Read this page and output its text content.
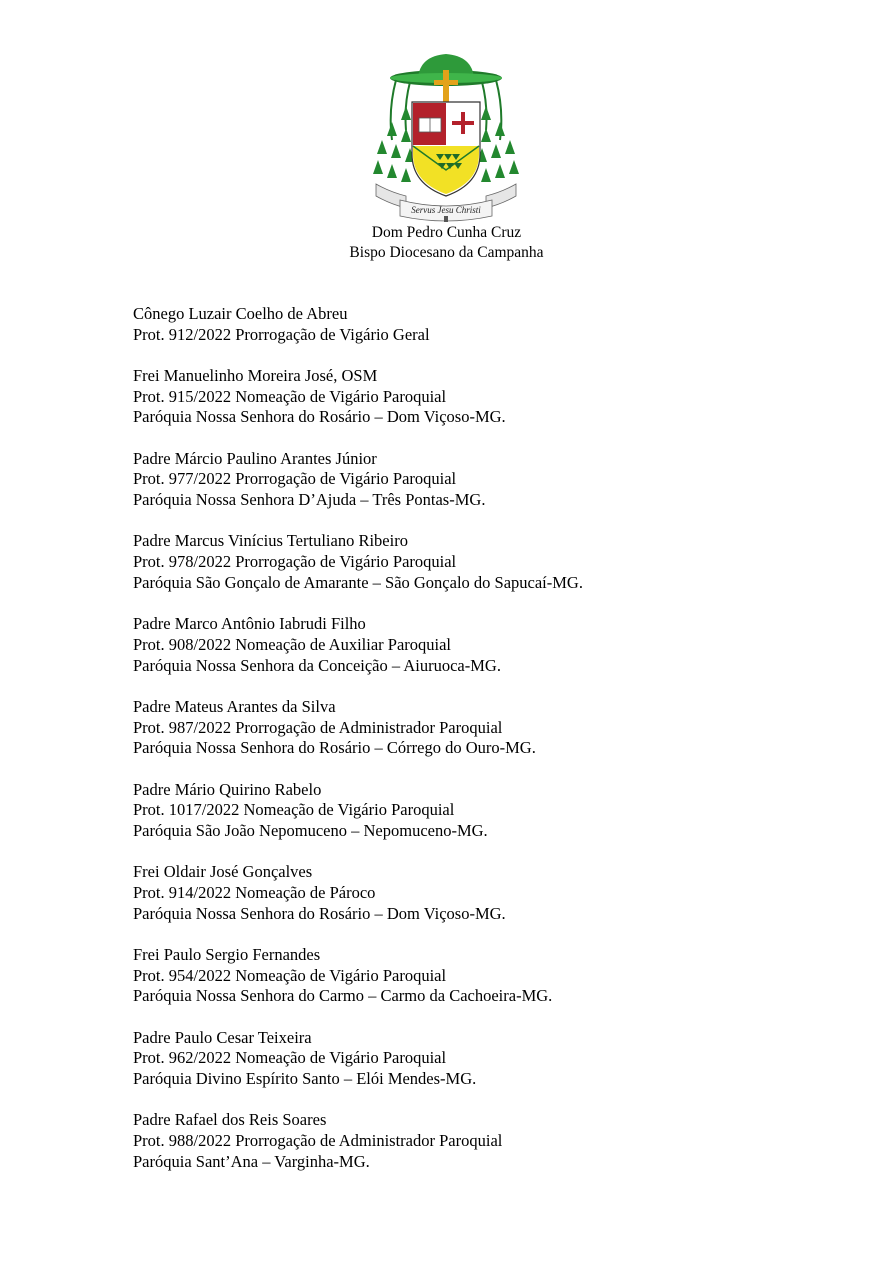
Servus Jesu Christi
Dom Pedro Cunha Cruz
Bispo Diocesano da Campanha
Cônego Luzair Coelho de Abreu
Prot. 912/2022 Prorrogação de Vigário Geral
Frei Manuelinho Moreira José, OSM
Prot. 915/2022 Nomeação de Vigário Paroquial
Paróquia Nossa Senhora do Rosário – Dom Viçoso-MG.
Padre Márcio Paulino Arantes Júnior
Prot. 977/2022 Prorrogação de Vigário Paroquial
Paróquia Nossa Senhora D’Ajuda – Três Pontas-MG.
Padre Marcus Vinícius Tertuliano Ribeiro
Prot. 978/2022 Prorrogação de Vigário Paroquial
Paróquia São Gonçalo de Amarante – São Gonçalo do Sapucaí-MG.
Padre Marco Antônio Iabrudi Filho
Prot. 908/2022 Nomeação de Auxiliar Paroquial
Paróquia Nossa Senhora da Conceição – Aiuruoca-MG.
Padre Mateus Arantes da Silva
Prot. 987/2022 Prorrogação de Administrador Paroquial
Paróquia Nossa Senhora do Rosário – Córrego do Ouro-MG.
Padre Mário Quirino Rabelo
Prot. 1017/2022 Nomeação de Vigário Paroquial
Paróquia São João Nepomuceno – Nepomuceno-MG.
Frei Oldair José Gonçalves
Prot. 914/2022 Nomeação de Pároco
Paróquia Nossa Senhora do Rosário – Dom Viçoso-MG.
Frei Paulo Sergio Fernandes
Prot. 954/2022 Nomeação de Vigário Paroquial
Paróquia Nossa Senhora do Carmo – Carmo da Cachoeira-MG.
Padre Paulo Cesar Teixeira
Prot. 962/2022 Nomeação de Vigário Paroquial
Paróquia Divino Espírito Santo – Elói Mendes-MG.
Padre Rafael dos Reis Soares
Prot. 988/2022 Prorrogação de Administrador Paroquial
Paróquia Sant’Ana – Varginha-MG.
